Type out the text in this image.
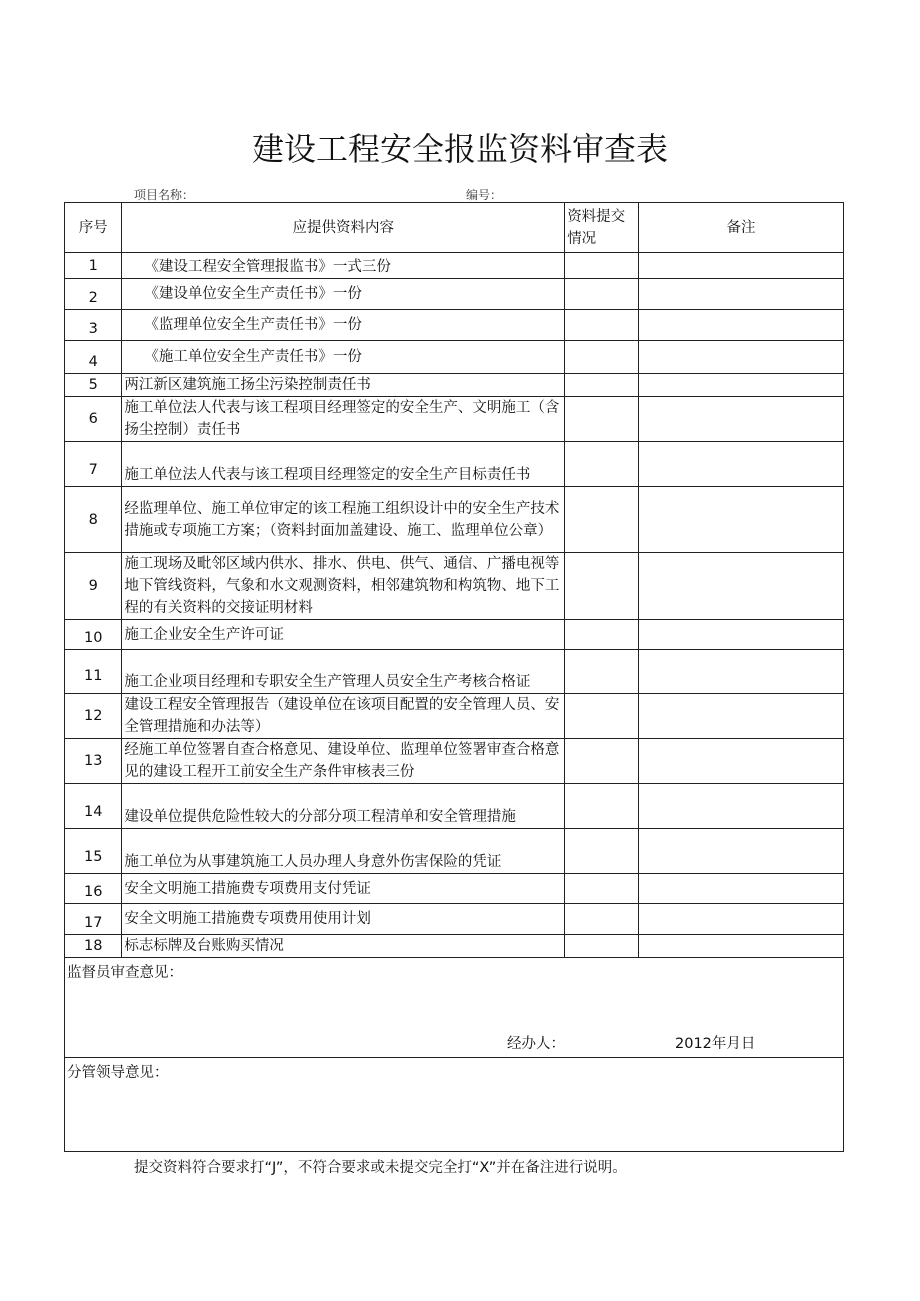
建设工程安全报监资料审查表
项目名称：	编号：
序号	应提供资料内容	资料提交情况	备注
1	《建设工程安全管理报监书》一式三份		
2	《建设单位安全生产责任书》一份		
3	《监理单位安全生产责任书》一份		
4	《施工单位安全生产责任书》一份		
5	两江新区建筑施工扬尘污染控制责任书		
6	施工单位法人代表与该工程项目经理签定的安全生产、文明施工（含扬尘控制）责任书		
7	施工单位法人代表与该工程项目经理签定的安全生产目标责任书		
8	经监理单位、施工单位审定的该工程施工组织设计中的安全生产技术措施或专项施工方案；（资料封面加盖建设、施工、监理单位公章）		
9	施工现场及毗邻区域内供水、排水、供电、供气、通信、广播电视等地下管线资料，气象和水文观测资料，相邻建筑物和构筑物、地下工程的有关资料的交接证明材料		
10	施工企业安全生产许可证		
11	施工企业项目经理和专职安全生产管理人员安全生产考核合格证		
12	建设工程安全管理报告（建设单位在该项目配置的安全管理人员、安全管理措施和办法等）		
13	经施工单位签署自查合格意见、建设单位、监理单位签署审查合格意见的建设工程开工前安全生产条件审核表三份		
14	建设单位提供危险性较大的分部分项工程清单和安全管理措施		
15	施工单位为从事建筑施工人员办理人身意外伤害保险的凭证		
16	安全文明施工措施费专项费用支付凭证		
17	安全文明施工措施费专项费用使用计划		
18	标志标牌及台账购买情况		

监督员审查意见：
经办人： 2012年月日			

分管领导意见：			
提交资料符合要求打“J”，不符合要求或未提交完全打“X”并在备注进行说明。
